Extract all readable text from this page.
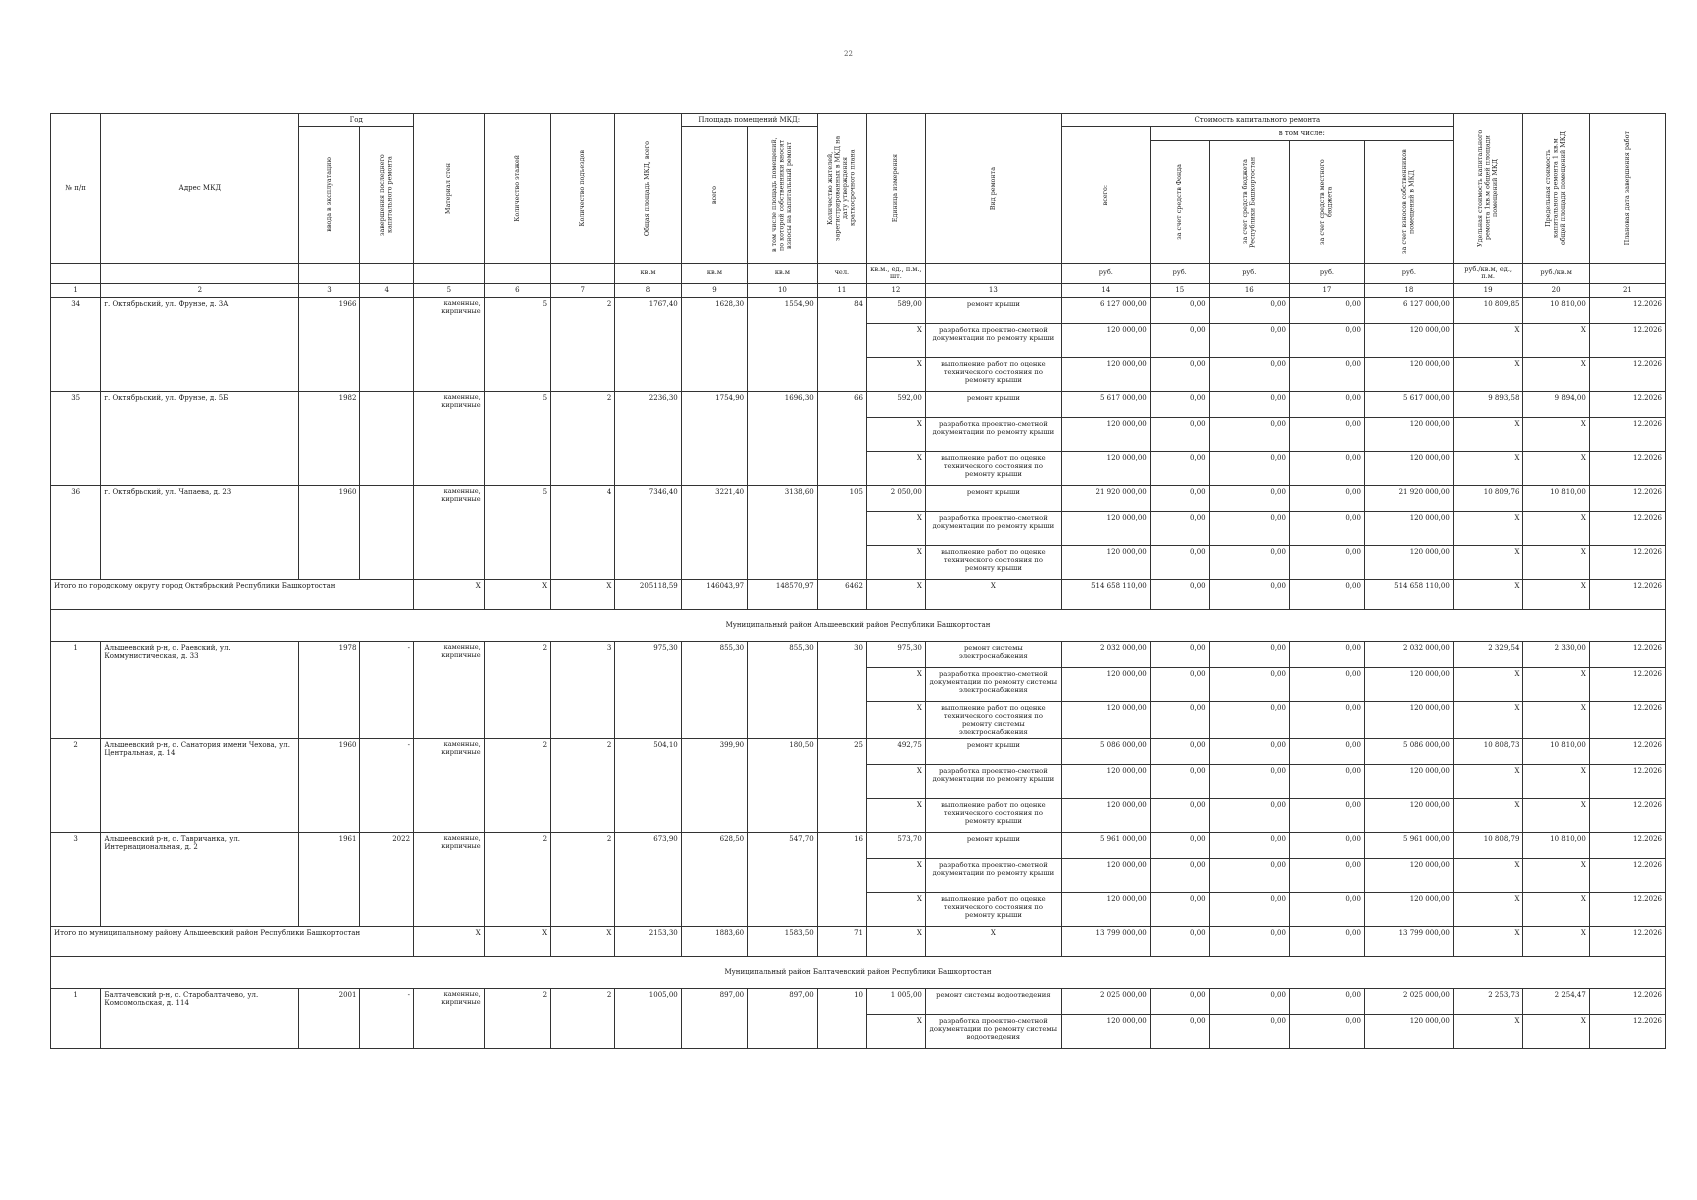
22
№ п/п	Адрес МКД	Год		Материал стен	Количество этажей	Количество подъездов	Общая площадь МКД, всего	Площадь помещений МКД:		Количество жителей, зарегистрированных в МКД на дату утверждения краткосрочного плана	Единица измерения	Вид ремонта	Стоимость капитального ремонта					Удельная стоимость капитального ремонта 1кв.м общей площади помещений МКД	Предельная стоимость капитального ремонта 1 кв.м общей площади помещений МКД	Плановая дата завершения работ

		ввода в эксплуатацию	завершения последнего капитального ремонта					всего	в том числе площадь помещений, по которой собственники вносят взносы на капитальный ремонт				всего:	в том числе:						

														за счет средств Фонда	за счет средств бюджета Республики Башкортостан	за счет средств местного бюджета	за счет взносов собственников помещений в МКД			

							кв.м	кв.м	кв.м	чел.	кв.м., ед., п.м., шт.		руб.	руб.	руб.	руб.	руб.	руб./кв.м, ед., п.м.	руб./кв.м	
1	2	3	4	5	6	7	8	9	10	11	12	13	14	15	16	17	18	19	20	21
34	г. Октябрьский, ул. Фрунзе, д. 3А	1966		каменные, кирпичные	5	2	1767,40	1628,30	1554,90	84	589,00	ремонт крыши	6 127 000,00	0,00	0,00	0,00	6 127 000,00	10 809,85	10 810,00	12.2026
											X	разработка проектно-сметной документации по ремонту крыши	120 000,00	0,00	0,00	0,00	120 000,00	X	X	12.2026
											X	выполнение работ по оценке технического состояния по ремонту крыши	120 000,00	0,00	0,00	0,00	120 000,00	X	X	12.2026
35	г. Октябрьский, ул. Фрунзе, д. 5Б	1982		каменные, кирпичные	5	2	2236,30	1754,90	1696,30	66	592,00	ремонт крыши	5 617 000,00	0,00	0,00	0,00	5 617 000,00	9 893,58	9 894,00	12.2026
											X	разработка проектно-сметной документации по ремонту крыши	120 000,00	0,00	0,00	0,00	120 000,00	X	X	12.2026
											X	выполнение работ по оценке технического состояния по ремонту крыши	120 000,00	0,00	0,00	0,00	120 000,00	X	X	12.2026
36	г. Октябрьский, ул. Чапаева, д. 23	1960		каменные, кирпичные	5	4	7346,40	3221,40	3138,60	105	2 050,00	ремонт крыши	21 920 000,00	0,00	0,00	0,00	21 920 000,00	10 809,76	10 810,00	12.2026
											X	разработка проектно-сметной документации по ремонту крыши	120 000,00	0,00	0,00	0,00	120 000,00	X	X	12.2026
											X	выполнение работ по оценке технического состояния по ремонту крыши	120 000,00	0,00	0,00	0,00	120 000,00	X	X	12.2026
Итого по городскому округу город Октябрьский Республики Башкортостан				X	X	X	205118,59	146043,97	148570,97	6462	X	X	514 658 110,00	0,00	0,00	0,00	514 658 110,00	X	X	12.2026
Муниципальный район Альшеевский район Республики Башкортостан																				
1	Альшеевский р-н, с. Раевский, ул. Коммунистическая, д. 33	1978	-	каменные, кирпичные	2	3	975,30	855,30	855,30	30	975,30	ремонт системы электроснабжения	2 032 000,00	0,00	0,00	0,00	2 032 000,00	2 329,54	2 330,00	12.2026
											X	разработка проектно-сметной документации по ремонту системы электроснабжения	120 000,00	0,00	0,00	0,00	120 000,00	X	X	12.2026
											X	выполнение работ по оценке технического состояния по ремонту системы электроснабжения	120 000,00	0,00	0,00	0,00	120 000,00	X	X	12.2026
2	Альшеевский р-н, с. Санатория имени Чехова, ул. Центральная, д. 14	1960	-	каменные, кирпичные	2	2	504,10	399,90	180,50	25	492,75	ремонт крыши	5 086 000,00	0,00	0,00	0,00	5 086 000,00	10 808,73	10 810,00	12.2026
											X	разработка проектно-сметной документации по ремонту крыши	120 000,00	0,00	0,00	0,00	120 000,00	X	X	12.2026
											X	выполнение работ по оценке технического состояния по ремонту крыши	120 000,00	0,00	0,00	0,00	120 000,00	X	X	12.2026
3	Альшеевский р-н, с. Тавричанка, ул. Интернациональная, д. 2	1961	2022	каменные, кирпичные	2	2	673,90	628,50	547,70	16	573,70	ремонт крыши	5 961 000,00	0,00	0,00	0,00	5 961 000,00	10 808,79	10 810,00	12.2026
											X	разработка проектно-сметной документации по ремонту крыши	120 000,00	0,00	0,00	0,00	120 000,00	X	X	12.2026
											X	выполнение работ по оценке технического состояния по ремонту крыши	120 000,00	0,00	0,00	0,00	120 000,00	X	X	12.2026
Итого по муниципальному району Альшеевский район Республики Башкортостан				X	X	X	2153,30	1883,60	1583,50	71	X	X	13 799 000,00	0,00	0,00	0,00	13 799 000,00	X	X	12.2026
Муниципальный район Балтачевский район Республики Башкортостан																				
1	Балтачевский р-н, с. Старобалтачево, ул. Комсомольская, д. 114	2001	-	каменные, кирпичные	2	2	1005,00	897,00	897,00	10	1 005,00	ремонт системы водоотведения	2 025 000,00	0,00	0,00	0,00	2 025 000,00	2 253,73	2 254,47	12.2026
											X	разработка проектно-сметной документации по ремонту системы водоотведения	120 000,00	0,00	0,00	0,00	120 000,00	X	X	12.2026
